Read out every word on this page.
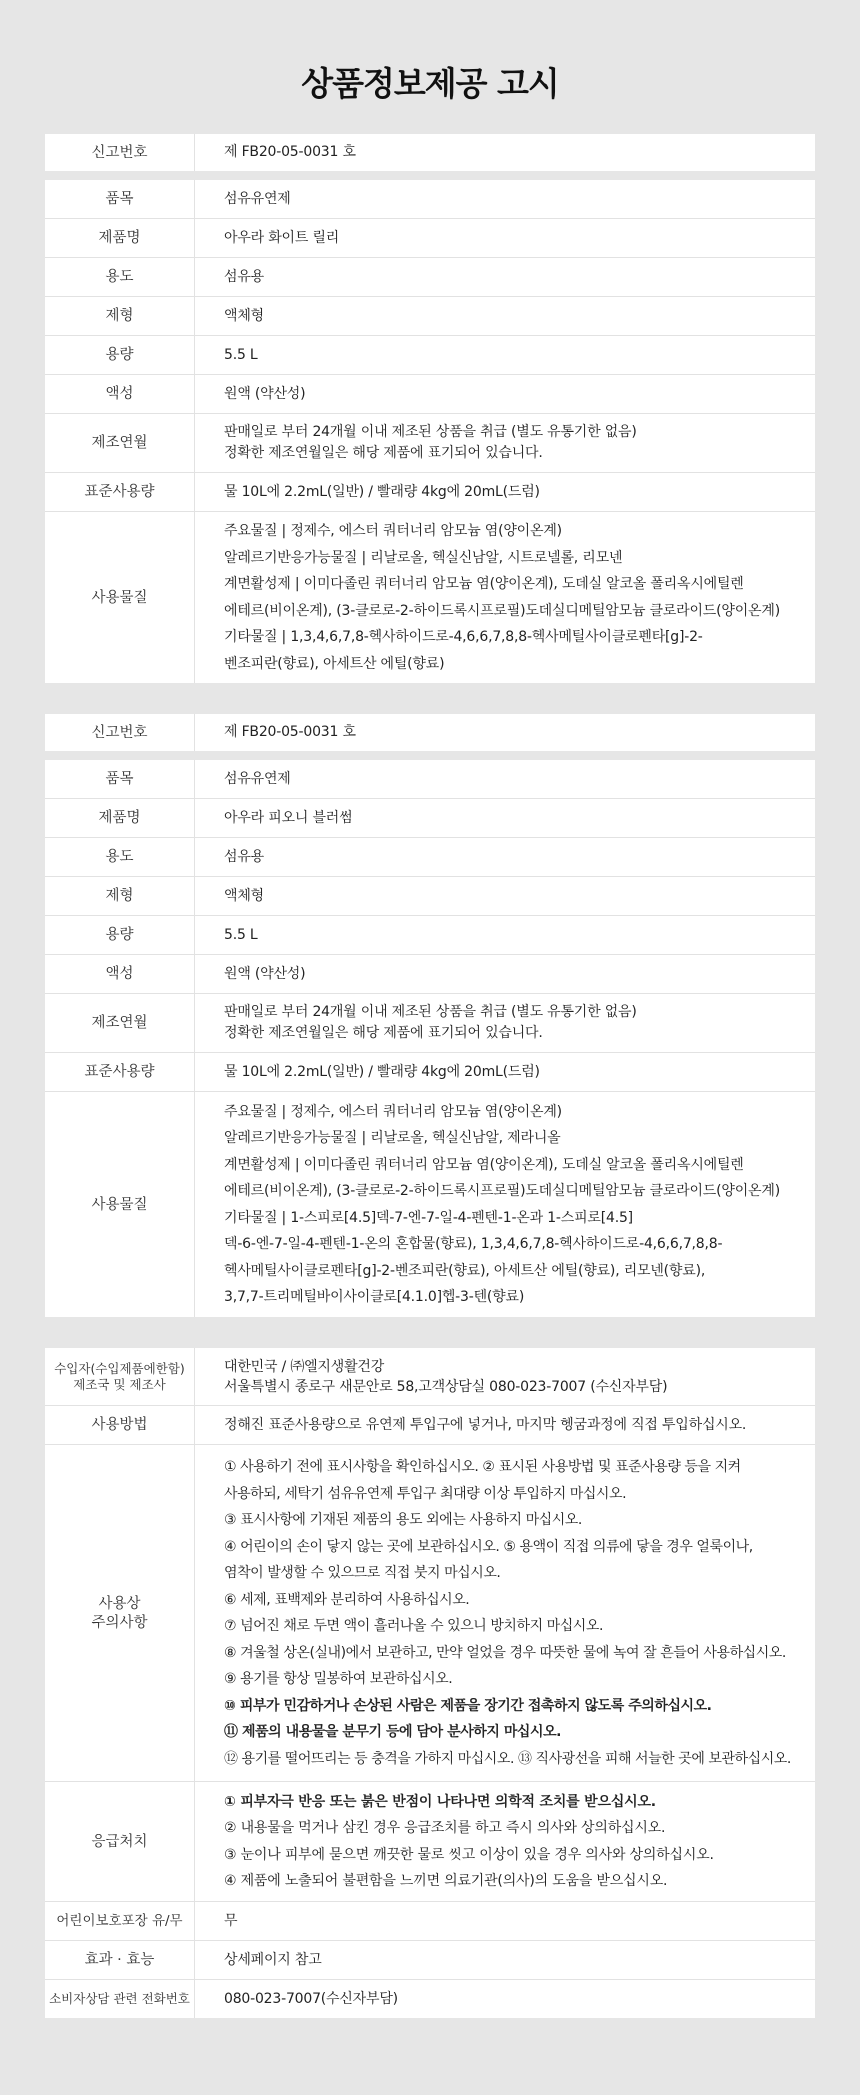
상품정보제공 고시
신고번호	제 FB20-05-0031 호
품목	섬유유연제
제품명	아우라 화이트 릴리
용도	섬유용
제형	액체형
용량	5.5 L
액성	원액 (약산성)
제조연월
판매일로 부터 24개월 이내 제조된 상품을 취급 (별도 유통기한 없음)
정확한 제조연월일은 해당 제품에 표기되어 있습니다.
표준사용량	물 10L에 2.2mL(일반) / 빨래량 4kg에 20mL(드럼)
사용물질
주요물질 | 정제수, 에스터 쿼터너리 암모늄 염(양이온계)
알레르기반응가능물질 | 리날로올, 헥실신남알, 시트로넬롤, 리모넨
계면활성제 | 이미다졸린 쿼터너리 암모늄 염(양이온계), 도데실 알코올 폴리옥시에틸렌
에테르(비이온계), (3-클로로-2-하이드록시프로필)도데실디메틸암모늄 클로라이드(양이온계)
기타물질 | 1,3,4,6,7,8-헥사하이드로-4,6,6,7,8,8-헥사메틸사이클로펜타[g]-2-
벤조피란(향료), 아세트산 에틸(향료)
신고번호	제 FB20-05-0031 호
품목	섬유유연제
제품명	아우라 피오니 블러썸
용도	섬유용
제형	액체형
용량	5.5 L
액성	원액 (약산성)
제조연월
판매일로 부터 24개월 이내 제조된 상품을 취급 (별도 유통기한 없음)
정확한 제조연월일은 해당 제품에 표기되어 있습니다.
표준사용량	물 10L에 2.2mL(일반) / 빨래량 4kg에 20mL(드럼)
사용물질
주요물질 | 정제수, 에스터 쿼터너리 암모늄 염(양이온계)
알레르기반응가능물질 | 리날로올, 헥실신남알, 제라니올
계면활성제 | 이미다졸린 쿼터너리 암모늄 염(양이온계), 도데실 알코올 폴리옥시에틸렌
에테르(비이온계), (3-클로로-2-하이드록시프로필)도데실디메틸암모늄 클로라이드(양이온계)
기타물질 | 1-스피로[4.5]덱-7-엔-7-일-4-펜텐-1-온과 1-스피로[4.5]
덱-6-엔-7-일-4-펜텐-1-온의 혼합물(향료), 1,3,4,6,7,8-헥사하이드로-4,6,6,7,8,8-
헥사메틸사이클로펜타[g]-2-벤조피란(향료), 아세트산 에틸(향료), 리모넨(향료),
3,7,7-트리메틸바이사이클로[4.1.0]헵-3-텐(향료)
수입자(수입제품에한함)
제조국 및 제조사
대한민국 / ㈜엘지생활건강
서울특별시 종로구 새문안로 58,고객상담실 080-023-7007 (수신자부담)
사용방법	정해진 표준사용량으로 유연제 투입구에 넣거나, 마지막 헹굼과정에 직접 투입하십시오.
사용상
주의사항
① 사용하기 전에 표시사항을 확인하십시오. ② 표시된 사용방법 및 표준사용량 등을 지켜
사용하되, 세탁기 섬유유연제 투입구 최대량 이상 투입하지 마십시오.
③ 표시사항에 기재된 제품의 용도 외에는 사용하지 마십시오.
④ 어린이의 손이 닿지 않는 곳에 보관하십시오. ⑤ 용액이 직접 의류에 닿을 경우 얼룩이나,
염착이 발생할 수 있으므로 직접 붓지 마십시오.
⑥ 세제, 표백제와 분리하여 사용하십시오.
⑦ 넘어진 채로 두면 액이 흘러나올 수 있으니 방치하지 마십시오.
⑧ 겨울철 상온(실내)에서 보관하고, 만약 얼었을 경우 따뜻한 물에 녹여 잘 흔들어 사용하십시오.
⑨ 용기를 항상 밀봉하여 보관하십시오.
⑩ 피부가 민감하거나 손상된 사람은 제품을 장기간 접촉하지 않도록 주의하십시오.
⑪ 제품의 내용물을 분무기 등에 담아 분사하지 마십시오.
⑫ 용기를 떨어뜨리는 등 충격을 가하지 마십시오. ⑬ 직사광선을 피해 서늘한 곳에 보관하십시오.
응급처치
① 피부자극 반응 또는 붉은 반점이 나타나면 의학적 조치를 받으십시오.
② 내용물을 먹거나 삼킨 경우 응급조치를 하고 즉시 의사와 상의하십시오.
③ 눈이나 피부에 묻으면 깨끗한 물로 씻고 이상이 있을 경우 의사와 상의하십시오.
④ 제품에 노출되어 불편함을 느끼면 의료기관(의사)의 도움을 받으십시오.
어린이보호포장 유/무	무
효과 · 효능	상세페이지 참고
소비자상담 관련 전화번호	080-023-7007(수신자부담)
